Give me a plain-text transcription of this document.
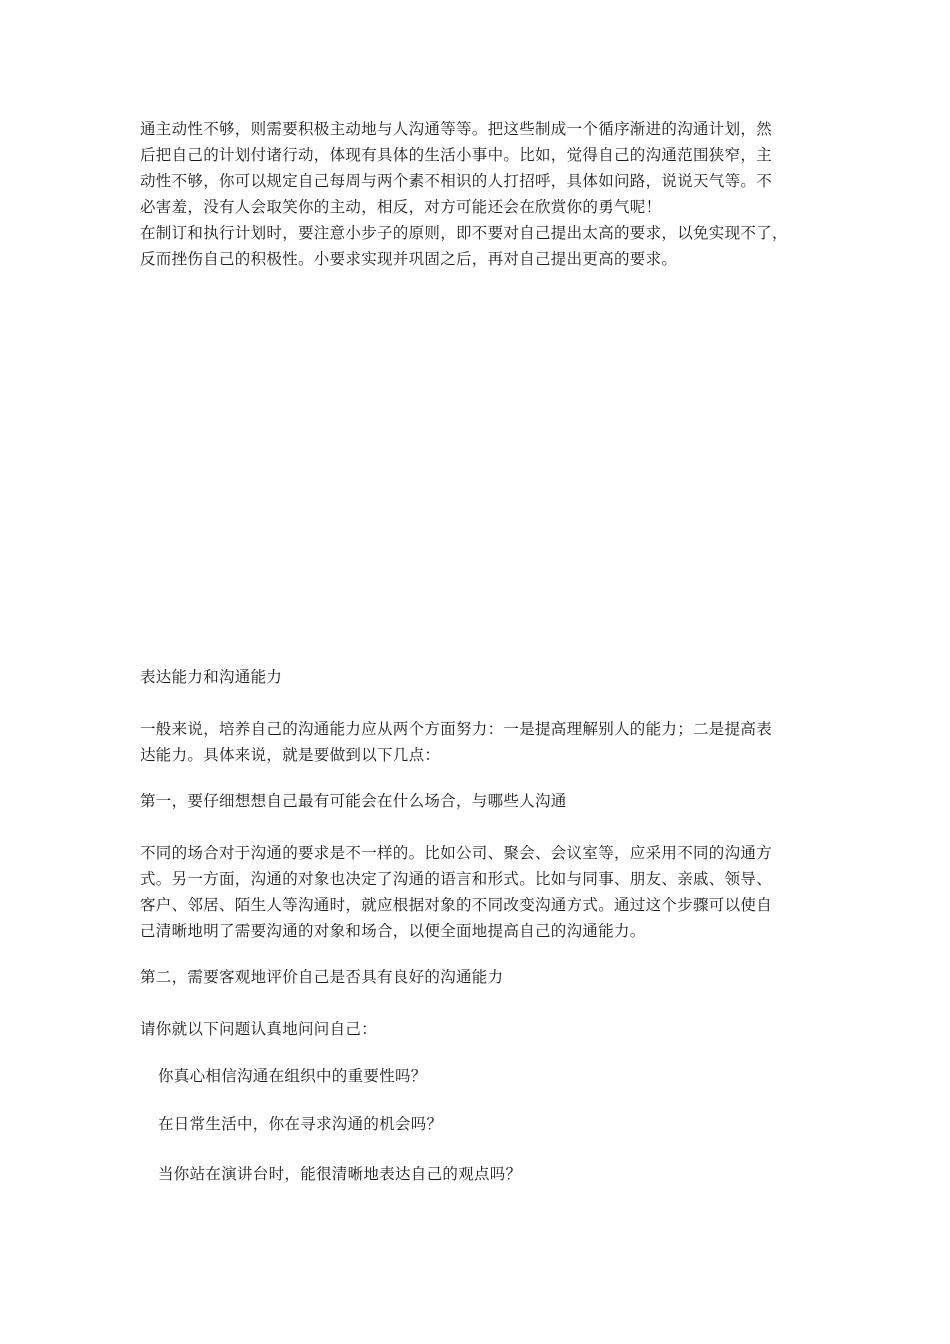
通主动性不够，则需要积极主动地与人沟通等等。把这些制成一个循序渐进的沟通计划，然
后把自己的计划付诸行动，体现有具体的生活小事中。比如，觉得自己的沟通范围狭窄，主
动性不够，你可以规定自己每周与两个素不相识的人打招呼，具体如问路，说说天气等。不
必害羞，没有人会取笑你的主动，相反，对方可能还会在欣赏你的勇气呢！
在制订和执行计划时，要注意小步子的原则，即不要对自己提出太高的要求，以免实现不了，
反而挫伤自己的积极性。小要求实现并巩固之后，再对自己提出更高的要求。
表达能力和沟通能力
一般来说，培养自己的沟通能力应从两个方面努力：一是提高理解别人的能力；二是提高表
达能力。具体来说，就是要做到以下几点：
第一，要仔细想想自己最有可能会在什么场合，与哪些人沟通
不同的场合对于沟通的要求是不一样的。比如公司、聚会、会议室等，应采用不同的沟通方
式。另一方面，沟通的对象也决定了沟通的语言和形式。比如与同事、朋友、亲戚、领导、
客户、邻居、陌生人等沟通时，就应根据对象的不同改变沟通方式。通过这个步骤可以使自
己清晰地明了需要沟通的对象和场合，以便全面地提高自己的沟通能力。
第二，需要客观地评价自己是否具有良好的沟通能力
请你就以下问题认真地问问自己：
你真心相信沟通在组织中的重要性吗？
在日常生活中，你在寻求沟通的机会吗？
当你站在演讲台时，能很清晰地表达自己的观点吗？
